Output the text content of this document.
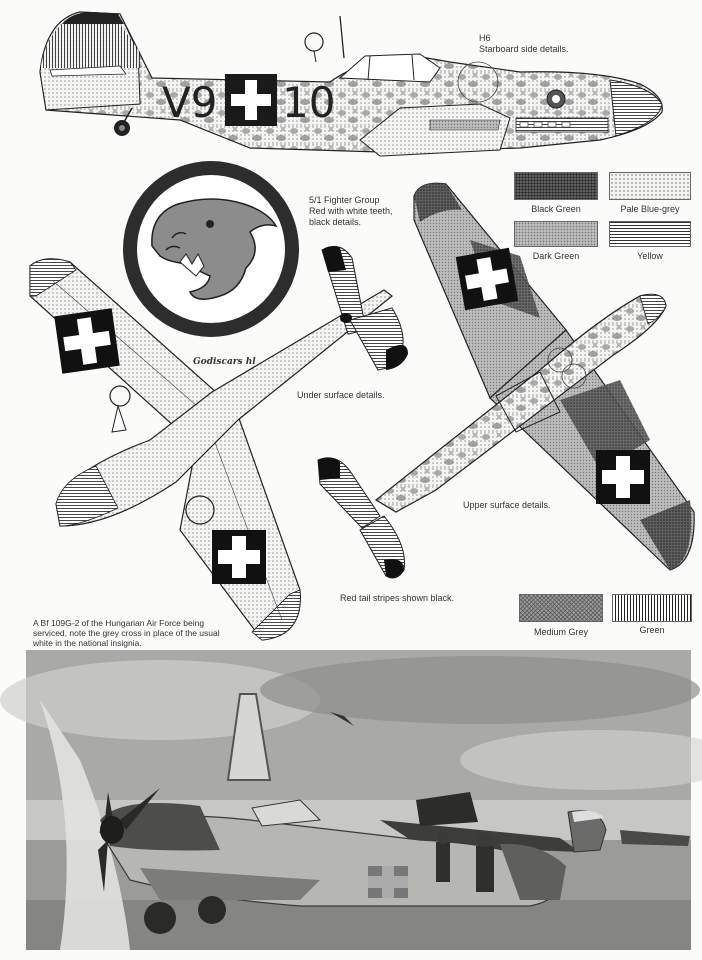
V9 10
H6
Starboard side details.
5/1 Fighter Group
Red with white teeth,
black details.
Godiscars hl
Under surface details.
Upper surface details.
Red tail stripes shown black.
Black Green	Pale Blue-grey
Dark Green	Yellow
Medium Grey	Green
A Bf 109G-2 of the Hungarian Air Force being
serviced, note the grey cross in place of the usual
white in the national insignia.
